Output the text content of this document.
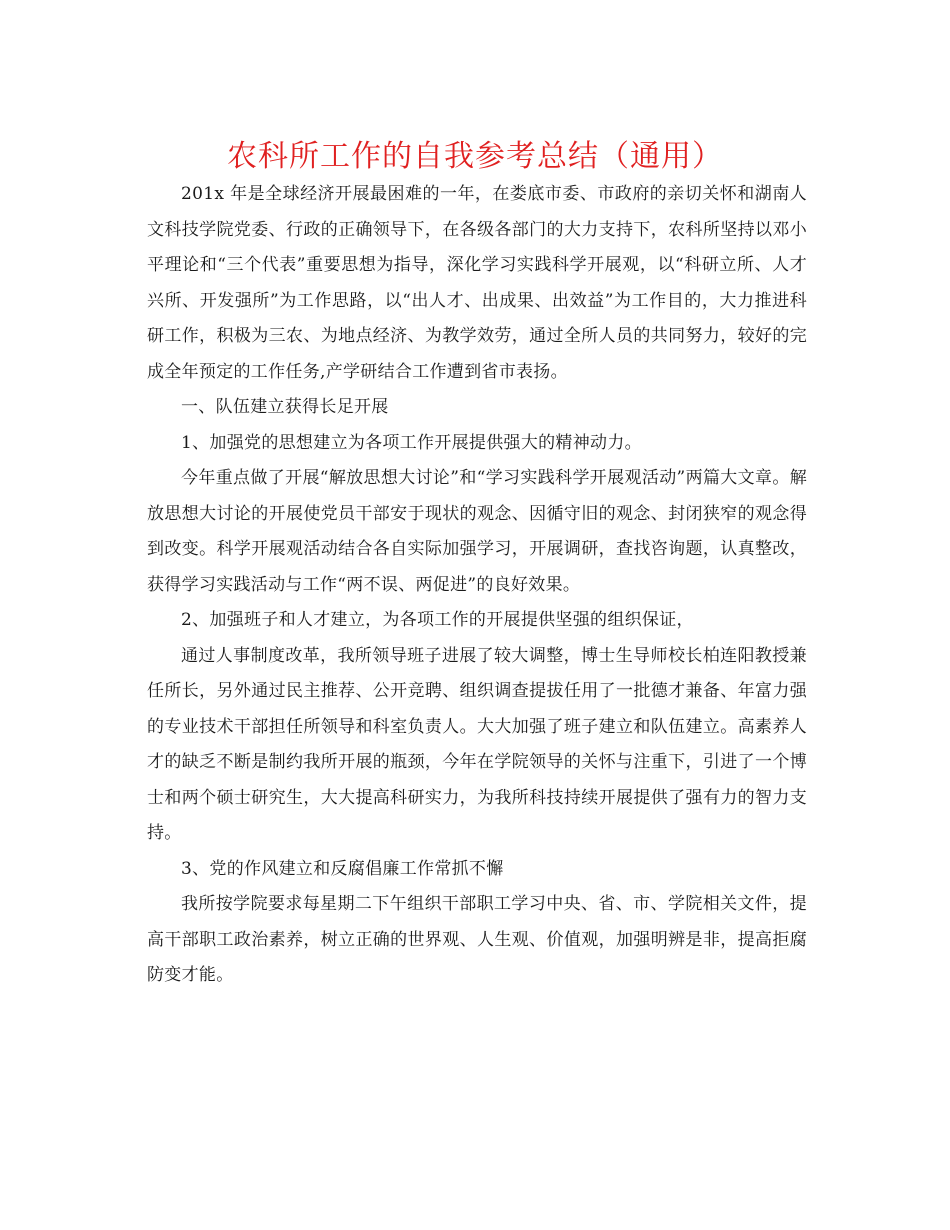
农科所工作的自我参考总结（通用）

201x 年是全球经济开展最困难的一年，在娄底市委、市政府的亲切关怀和湖南人文科技学院党委、行政的正确领导下，在各级各部门的大力支持下，农科所坚持以邓小平理论和“三个代表”重要思想为指导，深化学习实践科学开展观，以“科研立所、人才兴所、开发强所”为工作思路，以“出人才、出成果、出效益”为工作目的，大力推进科研工作，积极为三农、为地点经济、为教学效劳，通过全所人员的共同努力，较好的完成全年预定的工作任务,产学研结合工作遭到省市表扬。

一、队伍建立获得长足开展

1、加强党的思想建立为各项工作开展提供强大的精神动力。

今年重点做了开展“解放思想大讨论”和“学习实践科学开展观活动”两篇大文章。解放思想大讨论的开展使党员干部安于现状的观念、因循守旧的观念、封闭狭窄的观念得到改变。科学开展观活动结合各自实际加强学习，开展调研，查找咨询题，认真整改，获得学习实践活动与工作“两不误、两促进”的良好效果。

2、加强班子和人才建立，为各项工作的开展提供坚强的组织保证，

通过人事制度改革，我所领导班子进展了较大调整，博士生导师校长柏连阳教授兼任所长，另外通过民主推荐、公开竞聘、组织调查提拔任用了一批德才兼备、年富力强的专业技术干部担任所领导和科室负责人。大大加强了班子建立和队伍建立。高素养人才的缺乏不断是制约我所开展的瓶颈，今年在学院领导的关怀与注重下，引进了一个博士和两个硕士研究生，大大提高科研实力，为我所科技持续开展提供了强有力的智力支持。

3、党的作风建立和反腐倡廉工作常抓不懈

我所按学院要求每星期二下午组织干部职工学习中央、省、市、学院相关文件，提高干部职工政治素养，树立正确的世界观、人生观、价值观，加强明辨是非，提高拒腐防变才能。
